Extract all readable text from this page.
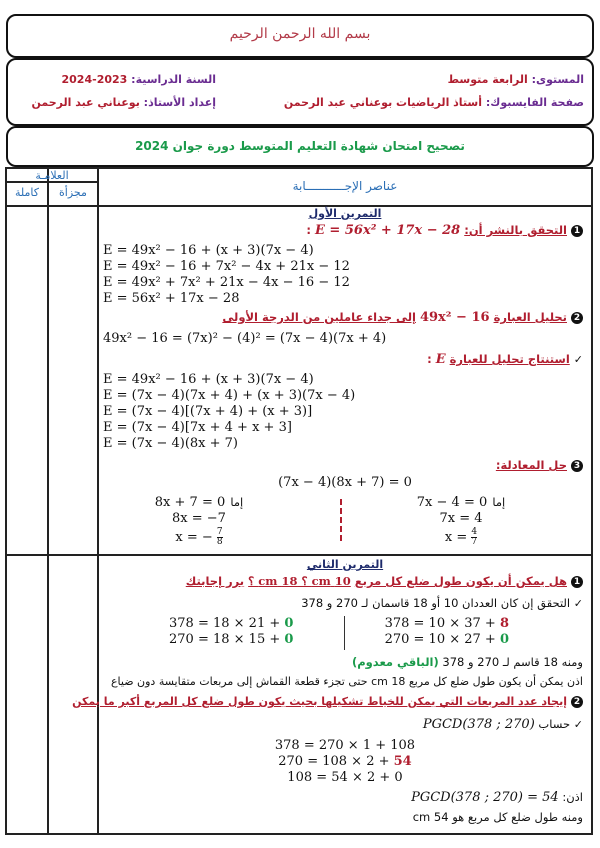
بسم الله الرحمن الرحيم
المستوى: الرابعة متوسط
السنة الدراسية: 2023-2024
صفحة الفايسبوك: أستاذ الرياضيات بوعناني عبد الرحمن
إعداد الأستاذ: بوعناني عبد الرحمن
تصحيح امتحان شهادة التعليم المتوسط دورة جوان 2024
العلامـة
كاملة	مجزأة	عناصر الإجـــــــــــابة
التمرين الأول
1التحقق بالنشر أن: E = 56x² + 17x − 28 :
E = 49x² − 16 + (x + 3)(7x − 4)
E = 49x² − 16 + 7x² − 4x + 21x − 12
E = 49x² + 7x² + 21x − 4x − 16 − 12
E = 56x² + 17x − 28
2تحليل العبارة 49x² − 16 إلى جداء عاملين من الدرجة الأولى
49x² − 16 = (7x)² − (4)² = (7x − 4)(7x + 4)
✓ استنتاج تحليل للعبارة E :
E = 49x² − 16 + (x + 3)(7x − 4)
E = (7x − 4)(7x + 4) + (x + 3)(7x − 4)
E = (7x − 4)[(7x + 4) + (x + 3)]
E = (7x − 4)[7x + 4 + x + 3]
E = (7x − 4)(8x + 7)
3حل المعادلة:
(7x − 4)(8x + 7) = 0
إما 7x − 4 = 0
7x = 4
$x = \frac{4}{7}$
إما 8x + 7 = 0
8x = −7
x = − $\frac{7}{8}$
التمرين الثاني
1هل يمكن أن يكون طول ضلع كل مربع 10 cm ؟ 18 cm ؟ برر إجابتك
✓ التحقق إن كان العددان 10 أو 18 قاسمان لـ 270 و 378
378 = 10 × 37 + 8
270 = 10 × 27 + 0
378 = 18 × 21 + 0
270 = 18 × 15 + 0
ومنه 18 قاسم لـ 270 و 378 (الباقي معدوم)
اذن يمكن أن يكون طول ضلع كل مربع 18 cm حتى تجزء قطعة القماش إلى مربعات متقايسة دون ضياع
2إيجاد عدد المربعات التي يمكن للخياط تشكيلها بحيث يكون طول ضلع كل المربع أكبر ما يمكن
✓ حساب PGCD(378 ; 270)
378 = 270 × 1 + 108
270 = 108 × 2 + 54
108 = 54 × 2 + 0
اذن: PGCD(378 ; 270) = 54
ومنه طول ضلع كل مربع هو 54 cm
